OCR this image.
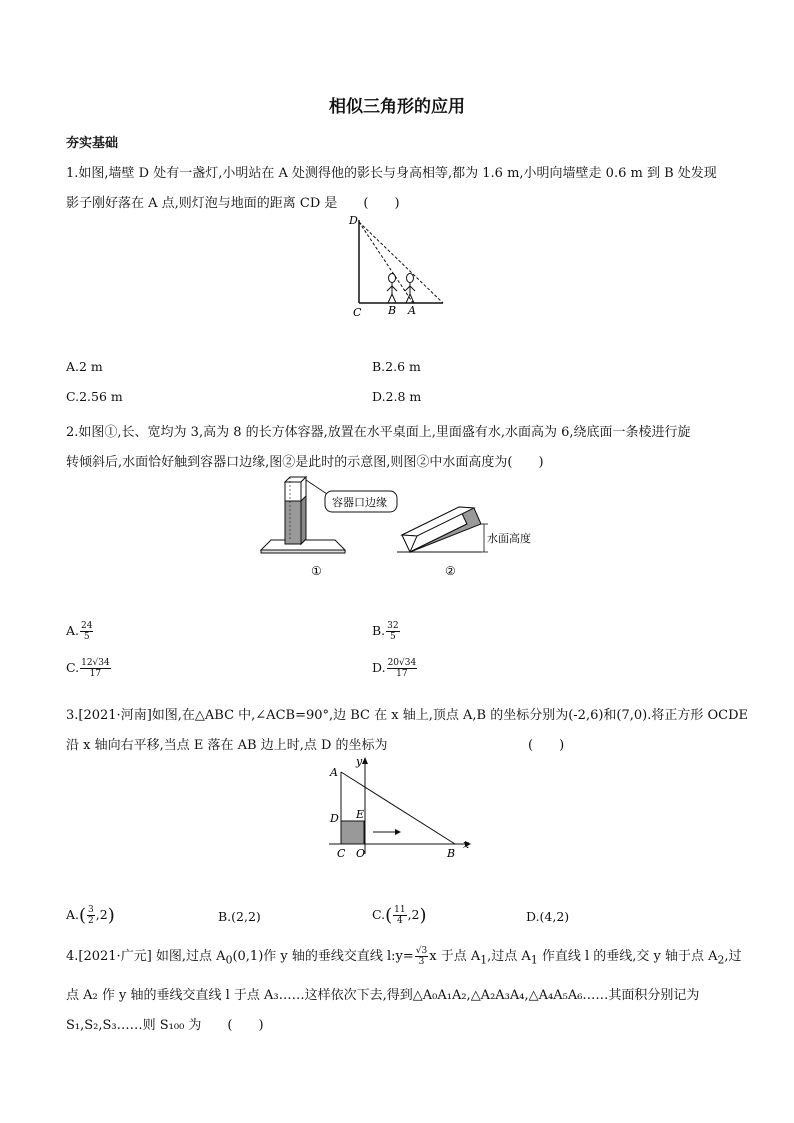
相似三角形的应用
夯实基础
1.如图,墙壁 D 处有一盏灯,小明站在 A 处测得他的影长与身高相等,都为 1.6 m,小明向墙壁走 0.6 m 到 B 处发现
影子刚好落在 A 点,则灯泡与地面的距离 CD 是　　(　　)
D
C B A
A.2 m	B.2.6 m
C.2.56 m	D.2.8 m
2.如图①,长、宽均为 3,高为 8 的长方体容器,放置在水平桌面上,里面盛有水,水面高为 6,绕底面一条棱进行旋
转倾斜后,水面恰好触到容器口边缘,图②是此时的示意图,则图②中水面高度为(　　)
容器口边缘
①
水面高度
②
A. $\frac{24}{5}$	B. $\frac{32}{5}$
C. $\frac{12√34}{17}$	D. $\frac{20√34}{17}$
3.[2021·河南]如图,在△ABC 中,∠ACB=90°,边 BC 在 x 轴上,顶点 A,B 的坐标分别为(-2,6)和(7,0).将正方形 OCDE
沿 x 轴向右平移,当点 E 落在 AB 边上时,点 D 的坐标为	(　　)
A
y
D E
C O	B
x
$A.( \frac{3}{2} ,2)$	B.(2,2)	$C.( \frac{11}{4} ,2)$	D.(4,2)
4.[2021·广元] 如图,过点 $A_0(0,1)$作 y 轴的垂线交直线 l:y= $\frac{√3}{3}$ x 于点 $A_1$,过点 $A_1$ 作直线 l 的垂线,交 y 轴于点 $A_2$,过
点 A₂ 作 y 轴的垂线交直线 l 于点 A₃……这样依次下去,得到△A₀A₁A₂,△A₂A₃A₄,△A₄A₅A₆……其面积分别记为
S₁,S₂,S₃……则 S₁₀₀ 为　　(　　)
